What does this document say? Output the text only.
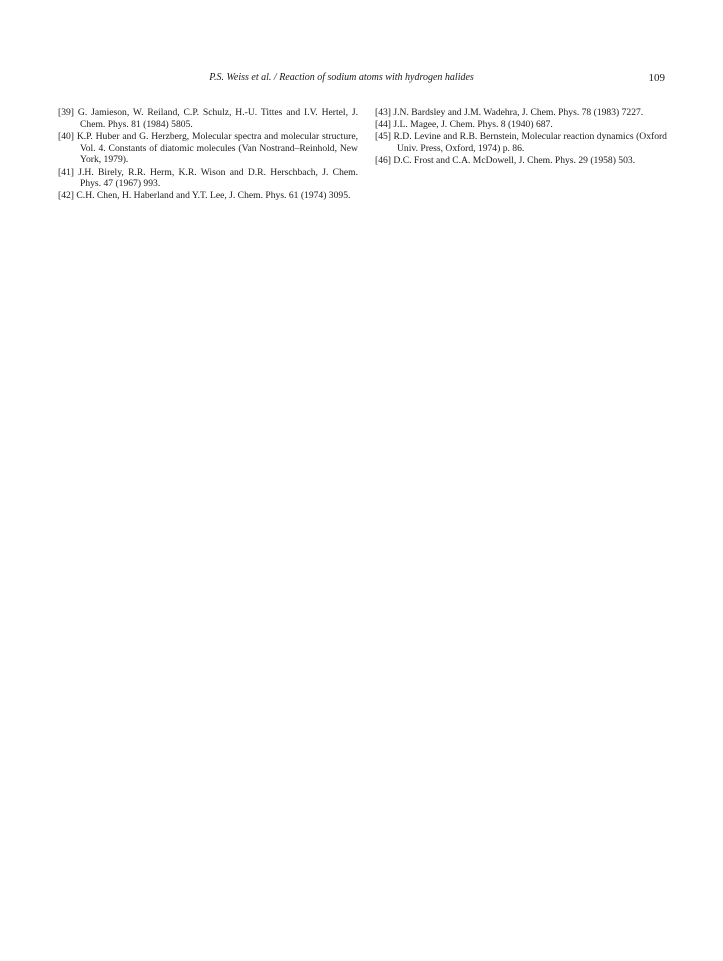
P.S. Weiss et al. / Reaction of sodium atoms with hydrogen halides	109
[39] G. Jamieson, W. Reiland, C.P. Schulz, H.-U. Tittes and I.V. Hertel, J. Chem. Phys. 81 (1984) 5805.
[40] K.P. Huber and G. Herzberg, Molecular spectra and molecular structure, Vol. 4. Constants of diatomic molecules (Van Nostrand–Reinhold, New York, 1979).
[41] J.H. Birely, R.R. Herm, K.R. Wison and D.R. Herschbach, J. Chem. Phys. 47 (1967) 993.
[42] C.H. Chen, H. Haberland and Y.T. Lee, J. Chem. Phys. 61 (1974) 3095.
[43] J.N. Bardsley and J.M. Wadehra, J. Chem. Phys. 78 (1983) 7227.
[44] J.L. Magee, J. Chem. Phys. 8 (1940) 687.
[45] R.D. Levine and R.B. Bernstein, Molecular reaction dynamics (Oxford Univ. Press, Oxford, 1974) p. 86.
[46] D.C. Frost and C.A. McDowell, J. Chem. Phys. 29 (1958) 503.
